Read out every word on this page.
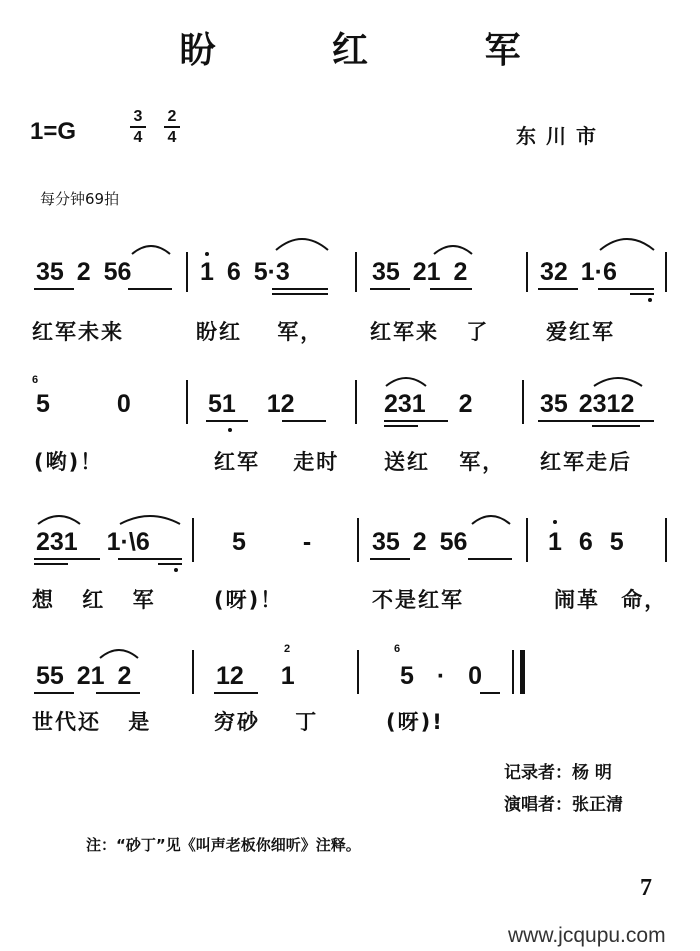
盼 红 军
1=G
3
4
2
4	东川市
每分钟69拍
35 2 56	1 6 5·3	35 21 2	32 1·6
红军未来	盼红 军， 红军来 了	爱红军
6
5 0	51 12	231 2	35 2312
(哟)！	红军 走时 送红 军， 红军走后
231 1·\6	5 - 35 2 56	1 6 5
想 红 军	(呀)！	不是红军	闹革 命，
55 21 2	12 1
2	6
5 · 0
世代还 是	穷砂 丁	(呀)!
记录者：杨 明
演唱者：张正清
注：“砂丁”见《叫声老板你细听》注释。
7
www.jcqupu.com
